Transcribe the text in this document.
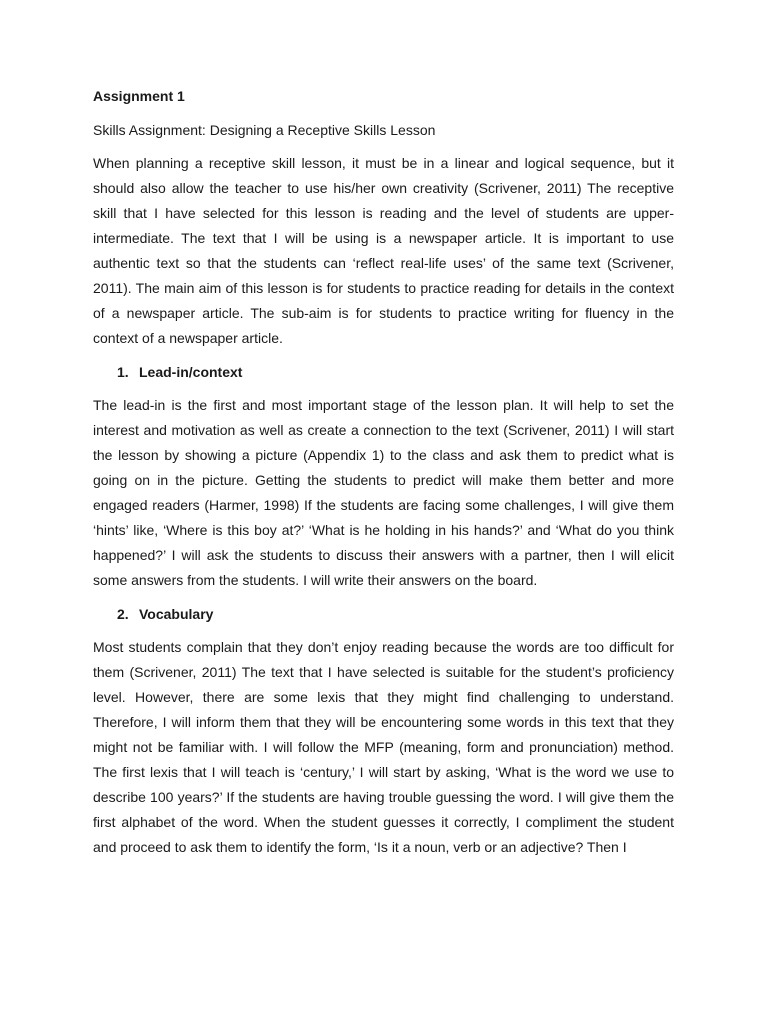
Assignment 1
Skills Assignment: Designing a Receptive Skills Lesson

When planning a receptive skill lesson, it must be in a linear and logical sequence, but it should also allow the teacher to use his/her own creativity (Scrivener, 2011) The receptive skill that I have selected for this lesson is reading and the level of students are upper-intermediate. The text that I will be using is a newspaper article. It is important to use authentic text so that the students can ‘reflect real-life uses’ of the same text (Scrivener, 2011). The main aim of this lesson is for students to practice reading for details in the context of a newspaper article. The sub-aim is for students to practice writing for fluency in the context of a newspaper article.

1. Lead-in/context

The lead-in is the first and most important stage of the lesson plan. It will help to set the interest and motivation as well as create a connection to the text (Scrivener, 2011) I will start the lesson by showing a picture (Appendix 1) to the class and ask them to predict what is going on in the picture. Getting the students to predict will make them better and more engaged readers (Harmer, 1998) If the students are facing some challenges, I will give them ‘hints’ like, ‘Where is this boy at?’ ‘What is he holding in his hands?’ and ‘What do you think happened?’ I will ask the students to discuss their answers with a partner, then I will elicit some answers from the students. I will write their answers on the board.

2. Vocabulary

Most students complain that they don’t enjoy reading because the words are too difficult for them (Scrivener, 2011) The text that I have selected is suitable for the student’s proficiency level. However, there are some lexis that they might find challenging to understand. Therefore, I will inform them that they will be encountering some words in this text that they might not be familiar with. I will follow the MFP (meaning, form and pronunciation) method. The first lexis that I will teach is ‘century,’ I will start by asking, ‘What is the word we use to describe 100 years?’ If the students are having trouble guessing the word. I will give them the first alphabet of the word. When the student guesses it correctly, I compliment the student and proceed to ask them to identify the form, ‘Is it a noun, verb or an adjective? Then I
